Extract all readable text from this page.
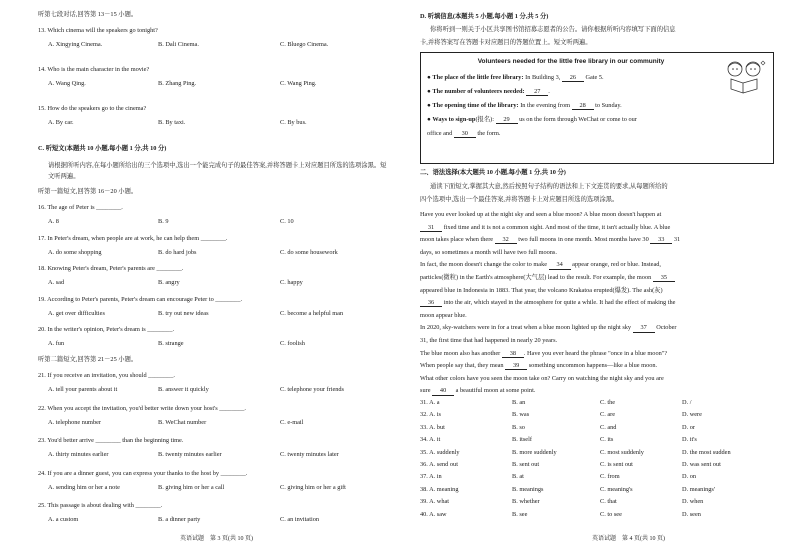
听第七段对话,回答第 13－15 小题。
13. Which cinema will the speakers go tonight?
A. Xingying Cinema.	B. Dali Cinema.	C. Bluego Cinema.
14. Who is the main character in the movie?
A. Wang Qing.	B. Zhang Ping.	C. Wang Ping.
15. How do the speakers go to the cinema?
A. By car.	B. By taxi.	C. By bus.
C. 听短文(本题共 10 小题,每小题 1 分,共 10 分)
请根据所听内容,在每小题所给出的三个选项中,选出一个能完成句子的最佳答案,并将答题卡上对应题目所选的选项涂黑。短文听两遍。
听第一篇短文,回答第 16－20 小题。
16. The age of Peter is ________.
A. 8	B. 9	C. 10
17. In Peter's dream, when people are at work, he can help them ________.
A. do some shopping	B. do hard jobs	C. do some housework
18. Knowing Peter's dream, Peter's parents are ________.
A. sad	B. angry	C. happy
19. According to Peter's parents, Peter's dream can encourage Peter to ________.
A. get over difficulties	B. try out new ideas	C. become a helpful man
20. In the writer's opinion, Peter's dream is ________.
A. fun	B. strange	C. foolish
听第二篇短文,回答第 21－25 小题。
21. If you receive an invitation, you should ________.
A. tell your parents about it	B. answer it quickly	C. telephone your friends
22. When you accept the invitation, you'd better write down your host's ________.
A. telephone number	B. WeChat number	C. e-mail
23. You'd better arrive ________ than the beginning time.
A. thirty minutes earlier	B. twenty minutes earlier	C. twenty minutes later
24. If you are a dinner guest, you can express your thanks to the host by ________.
A. sending him or her a note	B. giving him or her a call	C. giving him or her a gift
25. This passage is about dealing with ________.
A. a custom	B. a dinner party	C. an invitation
英语试题　第 3 页(共 10 页)
D. 听填信息(本题共 5 小题,每小题 1 分,共 5 分)
你将听到一则关于小区共享图书馆招募志愿者的公告。请你根据所听内容填写下面的信息
卡,并将答案写在答题卡对应题目的答题位置上。短文听两遍。
Volunteers needed for the little free library in our community
● The place of the little free library: In Building 3, 26 Gate 5.
● The number of volunteers needed: 27 .
● The opening time of the library: In the evening from 28 to Sunday.
● Ways to sign-up(报名): 29 us on the form through WeChat or come to our
office and 30 the form.
二、语法选择(本大题共 10 小题,每小题 1 分,共 10 分)
通读下面短文,掌握其大意,然后按照句子结构的语法和上下文连贯的要求,从每题所给的
四个选项中,选出一个最佳答案,并将答题卡上对应题目所选的选项涂黑。
Have you ever looked up at the night sky and seen a blue moon? A blue moon doesn't happen at
31 fixed time and it is not a common sight. And most of the time, it isn't actually blue. A blue
moon takes place when there 32 two full moons in one month. Most months have 30 33 31
days, so sometimes a month will have two full moons.
In fact, the moon doesn't change the color to make 34 appear orange, red or blue. Instead,
particles(微粒) in the Earth's atmosphere(大气层) lead to the result. For example, the moon 35
appeared blue in Indonesia in 1883. That year, the volcano Krakatoa erupted(爆发). The ash(灰)
36 into the air, which stayed in the atmosphere for quite a while. It had the effect of making the
moon appear blue.
In 2020, sky-watchers were in for a treat when a blue moon lighted up the night sky 37 October
31, the first time that had happened in nearly 20 years.
The blue moon also has another 38 . Have you ever heard the phrase "once in a blue moon"?
When people say that, they mean 39 something uncommon happens—like a blue moon.
What other colors have you seen the moon take on? Carry on watching the night sky and you are
sure 40 a beautiful moon at some point.
31. A. a	B. an	C. the	D. /
32. A. is	B. was	C. are	D. were
33. A. but	B. so	C. and	D. or
34. A. it	B. itself	C. its	D. it's
35. A. suddenly	B. more suddenly	C. most suddenly	D. the most sudden
36. A. send out	B. sent out	C. is sent out	D. was sent out
37. A. in	B. at	C. from	D. on
38. A. meaning	B. meanings	C. meaning's	D. meanings'
39. A. what	B. whether	C. that	D. when
40. A. saw	B. see	C. to see	D. seen
英语试题　第 4 页(共 10 页)
